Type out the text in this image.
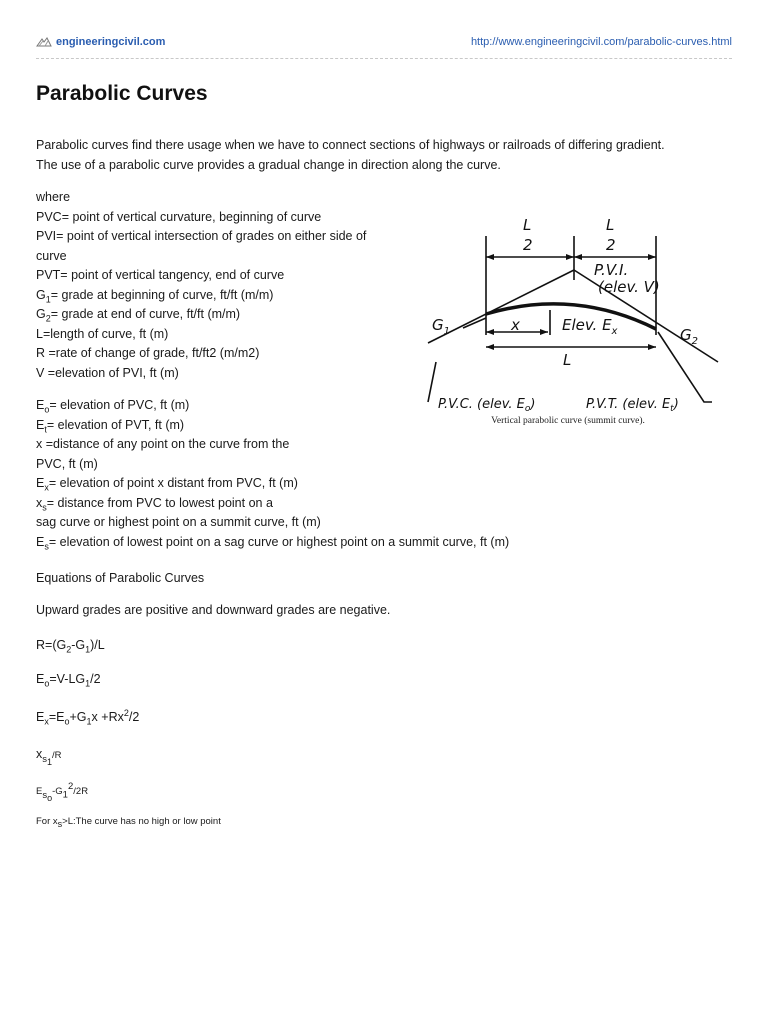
engineeringcivil.com	http://www.engineeringcivil.com/parabolic-curves.html
Parabolic Curves
Parabolic curves find there usage when we have to connect sections of highways or railroads of differing gradient.
The use of a parabolic curve provides a gradual change in direction along the curve.
where
PVC= point of vertical curvature, beginning of curve
PVI= point of vertical intersection of grades on either side of
curve
PVT= point of vertical tangency, end of curve
$G_1=$ grade at beginning of curve, ft/ft (m/m)
$G_2=$ grade at end of curve, ft/ft (m/m)
L=length of curve, ft (m)
R =rate of change of grade, ft/ft2 (m/m2)
V =elevation of PVI, ft (m)
$E_o=$ elevation of PVC, ft (m)
$E_t=$ elevation of PVT, ft (m)
x =distance of any point on the curve from the
PVC, ft (m)
$E_x=$ elevation of point x distant from PVC, ft (m)
$x_s=$ distance from PVC to lowest point on a
sag curve or highest point on a summit curve, ft (m)
$E_s=$ elevation of lowest point on a sag curve or highest point on a summit curve, ft (m)
Equations of Parabolic Curves
Upward grades are positive and downward grades are negative.
$R=(G_2-G_1)/L$
$E_o=V-LG_1/2$
$E_x=E_o+G_1x +Rx^2/2$
$x_{s_1}/R$
$E_{s_o}-G_1^2/2R$
For $x_s>L:The$ curve has no high or low point
L
2
L
2
P.V.I.
(elev. V)
$G_1$	$G_2$
x	Elev. $E_x$
L
P.V.C. (elev. $E_o$)	P.V.T. (elev. $E_t$)
Vertical parabolic curve (summit curve).
